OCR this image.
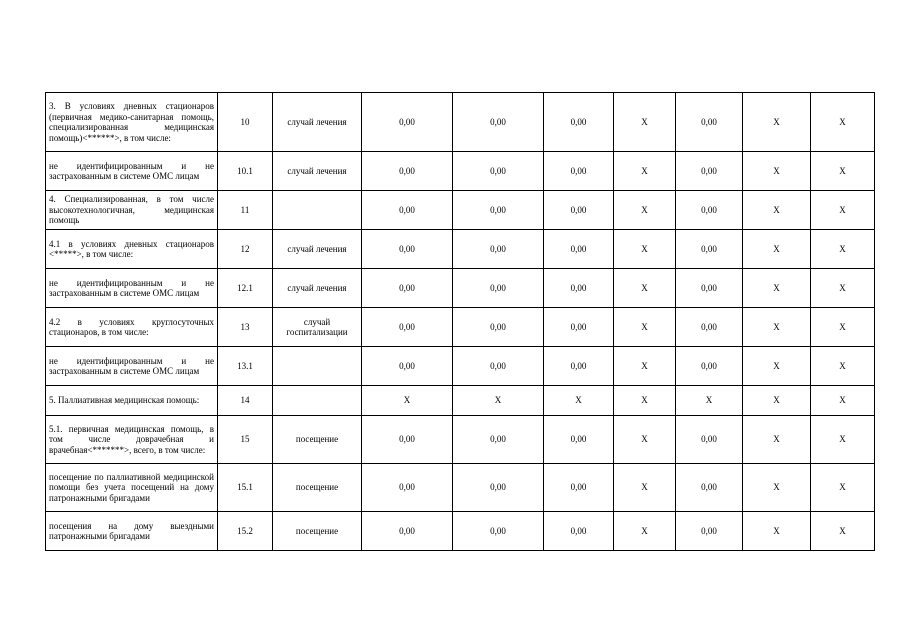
3. В условиях дневных стационаров (первичная медико-санитарная помощь, специализированная медицинская помощь)<******>, в том числе:	10	случай лечения	0,00	0,00	0,00	X	0,00	X	X
не идентифицированным и не застрахованным в системе ОМС лицам	10.1	случай лечения	0,00	0,00	0,00	X	0,00	X	X
4. Специализированная, в том числе высокотехнологичная, медицинская помощь	11		0,00	0,00	0,00	X	0,00	X	X
4.1 в условиях дневных стационаров <*****>, в том числе:	12	случай лечения	0,00	0,00	0,00	X	0,00	X	X
не идентифицированным и не застрахованным в системе ОМС лицам	12.1	случай лечения	0,00	0,00	0,00	X	0,00	X	X
4.2 в условиях круглосуточных стационаров, в том числе:	13	случай госпитализации	0,00	0,00	0,00	X	0,00	X	X
не идентифицированным и не застрахованным в системе ОМС лицам	13.1		0,00	0,00	0,00	X	0,00	X	X
5. Паллиативная медицинская помощь:	14		X	X	X	X	X	X	X
5.1. первичная медицинская помощь, в том числе доврачебная и врачебная<*******>, всего, в том числе:	15	посещение	0,00	0,00	0,00	X	0,00	X	X
посещение по паллиативной медицинской помощи без учета посещений на дому патронажными бригадами	15.1	посещение	0,00	0,00	0,00	X	0,00	X	X
посещения на дому выездными патронажными бригадами	15.2	посещение	0,00	0,00	0,00	X	0,00	X	X
